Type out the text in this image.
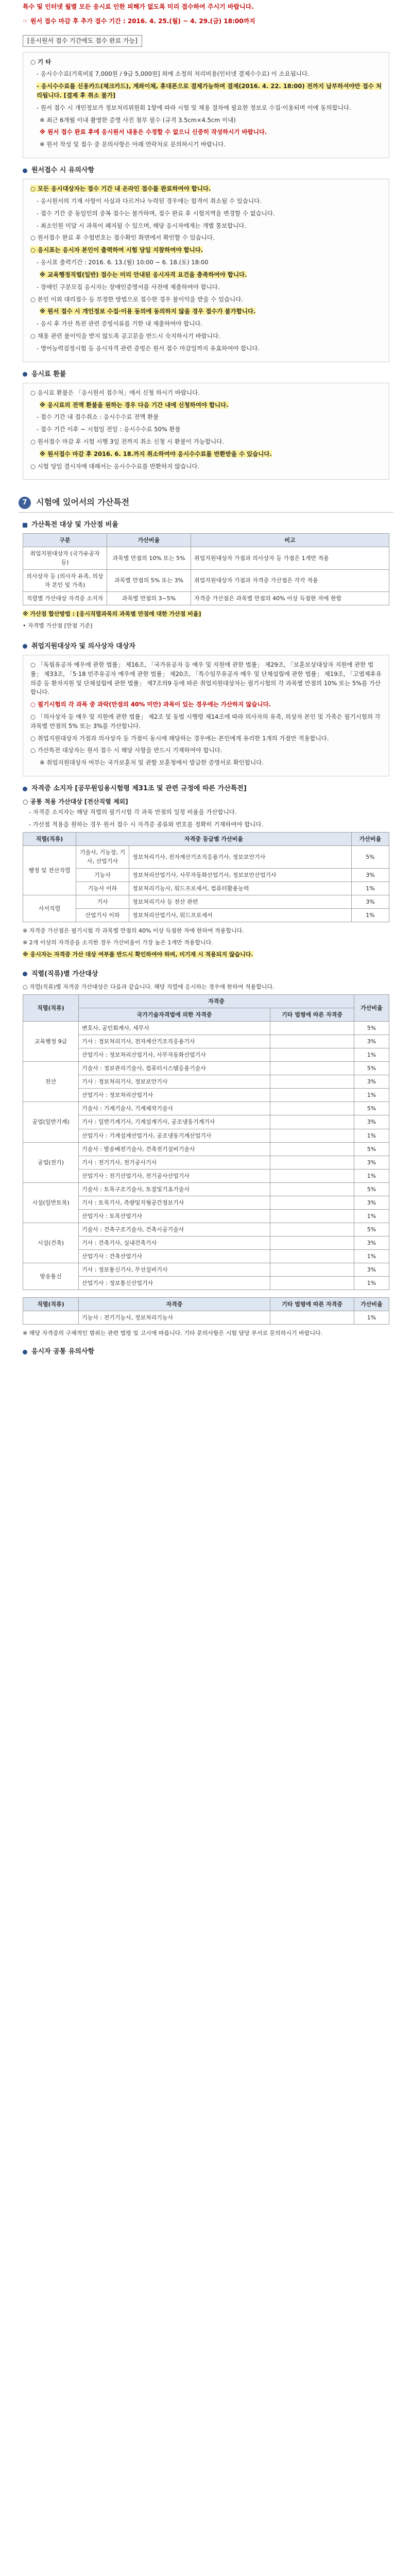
특수 및 인터넷 월별 모든 응시료 인한 피해가 없도록 미리 접수하여 주시기 바랍니다.
☞ 원서 접수 마감 후 추가 접수 기간 : 2016. 4. 25.(월) ~ 4. 29.(금) 18:00까지
[응시원서 접수 기간에도 접수 완료 가능]

○ 기 타

- 응시수수료(기록비)[ 7,000원 / 9급 5,000원] 외에 소정의 처리비용(인터넷 결제수수료) 이 소요됩니다.

- 응시수수료를 신용카드(체크카드), 계좌이체, 휴대폰으로 결제가능하며 결제(2016. 4. 22. 18:00) 전까지 납부하셔야만 접수 처리됩니다. [결제 후 취소 불가]

- 원서 접수 시 개인정보가 정보처리위원회 1항에 따라 시험 및 채용 절차에 필요한 정보로 수집·이용되며 이에 동의합니다.

※ 최근 6개월 이내 촬영한 증명 사진 첨부 필수 (규격 3.5cm×4.5cm 이내)

※ 원서 접수 완료 후에 응시원서 내용은 수정할 수 없으니 신중히 작성하시기 바랍니다.

※ 원서 작성 및 접수 중 문의사항은 아래 연락처로 문의하시기 바랍니다.

원서접수 시 유의사항

○ 모든 응시대상자는 접수 기간 내 온라인 접수를 완료하여야 합니다.

- 응시원서의 기재 사항이 사실과 다르거나 누락된 경우에는 합격이 취소될 수 있습니다.

- 접수 기간 중 동일인의 중복 접수는 불가하며, 접수 완료 후 시험지역을 변경할 수 없습니다.

- 최소인원 미달 시 과목이 폐지될 수 있으며, 해당 응시자에게는 개별 통보합니다.

○ 원서접수 완료 후 수험번호는 접수확인 화면에서 확인할 수 있습니다.

○ 응시표는 응시자 본인이 출력하여 시험 당일 지참하여야 합니다.

- 응시표 출력기간 : 2016. 6. 13.(월) 10:00 ~ 6. 18.(토) 18:00

※ 교육행정직렬(일반) 접수는 미리 안내된 응시자격 요건을 충족하여야 합니다.

- 장애인 구분모집 응시자는 장애인증명서를 사전에 제출하여야 합니다.

○ 본인 이외 대리접수 등 부정한 방법으로 접수한 경우 불이익을 받을 수 있습니다.

※ 원서 접수 시 개인정보 수집·이용 동의에 동의하지 않을 경우 접수가 불가합니다.

- 응시 후 가산 특전 관련 증빙서류를 기한 내 제출하여야 합니다.

○ 채용 관련 불이익을 받지 않도록 공고문을 반드시 숙지하시기 바랍니다.

- 영어능력검정시험 등 응시자격 관련 증빙은 원서 접수 마감일까지 유효하여야 합니다.

응시료 환불

○ 응시료 환불은 「응시원서 접수처」에서 신청 하시기 바랍니다.

※ 응시료의 전액 환불을 원하는 경우 다음 기간 내에 신청하여야 합니다.

- 접수 기간 내 접수취소 : 응시수수료 전액 환불

- 접수 기간 이후 ~ 시험일 전일 : 응시수수료 50% 환불

○ 원서접수 마감 후 시험 시행 3일 전까지 취소 신청 시 환불이 가능합니다.

※ 원서접수 마감 후 2016. 6. 18.까지 취소하여야 응시수수료를 반환받을 수 있습니다.

○ 시험 당일 결시자에 대해서는 응시수수료를 반환하지 않습니다.

7	시험에 있어서의 가산특전
가산특전 대상 및 가산점 비율
구분	가산비율	비고
취업지원대상자 (국가유공자 등)	과목별 만점의 10% 또는 5%	취업지원대상자 가점과 의사상자 등 가점은 1개만 적용
의사상자 등 (의사자 유족, 의상자 본인 및 가족)	과목별 만점의 5% 또는 3%	취업지원대상자 가점과 자격증 가산점은 각각 적용
직렬별 가산대상 자격증 소지자	과목별 만점의 3~5%	자격증 가산점은 과목별 만점의 40% 이상 득점한 자에 한함
※ 가산점 합산방법 : [응시직렬과목의 과목별 만점에 대한 가산점 비율]
• 자격별 가산점 [만점 기준]
취업지원대상자 및 의사상자 대상자

○ 「독립유공자 예우에 관한 법률」 제16조, 「국가유공자 등 예우 및 지원에 관한 법률」 제29조, 「보훈보상대상자 지원에 관한 법률」 제33조, 「5·18 민주유공자 예우에 관한 법률」 제20조, 「특수임무유공자 예우 및 단체설립에 관한 법률」 제19조, 「고엽제후유의증 등 환자지원 및 단체설립에 관한 법률」 제7조의9 등에 따른 취업지원대상자는 필기시험의 각 과목별 만점의 10% 또는 5%를 가산합니다.

○ 필기시험의 각 과목 중 과락(만점의 40% 미만) 과목이 있는 경우에는 가산하지 않습니다.

○ 「의사상자 등 예우 및 지원에 관한 법률」 제2조 및 동법 시행령 제14조에 따라 의사자의 유족, 의상자 본인 및 가족은 필기시험의 각 과목별 만점의 5% 또는 3%를 가산합니다.

○ 취업지원대상자 가점과 의사상자 등 가점이 동시에 해당하는 경우에는 본인에게 유리한 1개의 가점만 적용합니다.

○ 가산특전 대상자는 원서 접수 시 해당 사항을 반드시 기재하여야 합니다.

※ 취업지원대상자 여부는 국가보훈처 및 관할 보훈청에서 발급한 증명서로 확인합니다.

자격증 소지자 [공무원임용시험령 제31조 및 관련 규정에 따른 가산특전]

○ 공통 적용 가산대상 [전산직렬 제외]

- 자격증 소지자는 해당 직렬의 필기시험 각 과목 만점의 일정 비율을 가산합니다.

- 가산점 적용을 원하는 경우 원서 접수 시 자격증 종류와 번호를 정확히 기재하여야 합니다.

직렬(직류)	자격증 등급별 가산비율		가산비율
행정 및 전산직렬	기술사, 기능장, 기사, 산업기사	정보처리기사, 전자계산기조직응용기사, 정보보안기사	5%
	기능사	정보처리산업기사, 사무자동화산업기사, 정보보안산업기사	3%
	기능사 이하	정보처리기능사, 워드프로세서, 컴퓨터활용능력	1%
사서직렬	기사	정보처리기사 등 전산 관련	3%
	산업기사 이하	정보처리산업기사, 워드프로세서	1%
※ 자격증 가산점은 필기시험 각 과목별 만점의 40% 이상 득점한 자에 한하여 적용합니다.
※ 2개 이상의 자격증을 소지한 경우 가산비율이 가장 높은 1개만 적용합니다.
※ 응시자는 자격증 가산 대상 여부를 반드시 확인하여야 하며, 미기재 시 적용되지 않습니다.
직렬(직류)별 가산대상
○ 직렬(직류)별 자격증 가산대상은 다음과 같습니다. 해당 직렬에 응시하는 경우에 한하여 적용합니다.
직렬(직류)	자격증		가산비율
	국가기술자격법에 의한 자격증	기타 법령에 따른 자격증	
교육행정 9급	변호사, 공인회계사, 세무사		5%
	기사 : 정보처리기사, 전자계산기조직응용기사		3%
	산업기사 : 정보처리산업기사, 사무자동화산업기사		1%
전산	기술사 : 정보관리기술사, 컴퓨터시스템응용기술사		5%
	기사 : 정보처리기사, 정보보안기사		3%
	산업기사 : 정보처리산업기사		1%
공업(일반기계)	기술사 : 기계기술사, 기계제작기술사		5%
	기사 : 일반기계기사, 기계설계기사, 공조냉동기계기사		3%
	산업기사 : 기계설계산업기사, 공조냉동기계산업기사		1%
공업(전기)	기술사 : 발송배전기술사, 건축전기설비기술사		5%
	기사 : 전기기사, 전기공사기사		3%
	산업기사 : 전기산업기사, 전기공사산업기사		1%
시설(일반토목)	기술사 : 토목구조기술사, 토질및기초기술사		5%
	기사 : 토목기사, 측량및지형공간정보기사		3%
	산업기사 : 토목산업기사		1%
시설(건축)	기술사 : 건축구조기술사, 건축시공기술사		5%
	기사 : 건축기사, 실내건축기사		3%
	산업기사 : 건축산업기사		1%
방송통신	기사 : 정보통신기사, 무선설비기사		3%
	산업기사 : 정보통신산업기사		1%
직렬(직류)	자격증	기타 법령에 따른 자격증	가산비율
	기능사 : 전기기능사, 정보처리기능사		1%
※ 해당 자격증의 구체적인 범위는 관련 법령 및 고시에 따릅니다. 기타 문의사항은 시험 담당 부서로 문의하시기 바랍니다.
응시자 공통 유의사항
